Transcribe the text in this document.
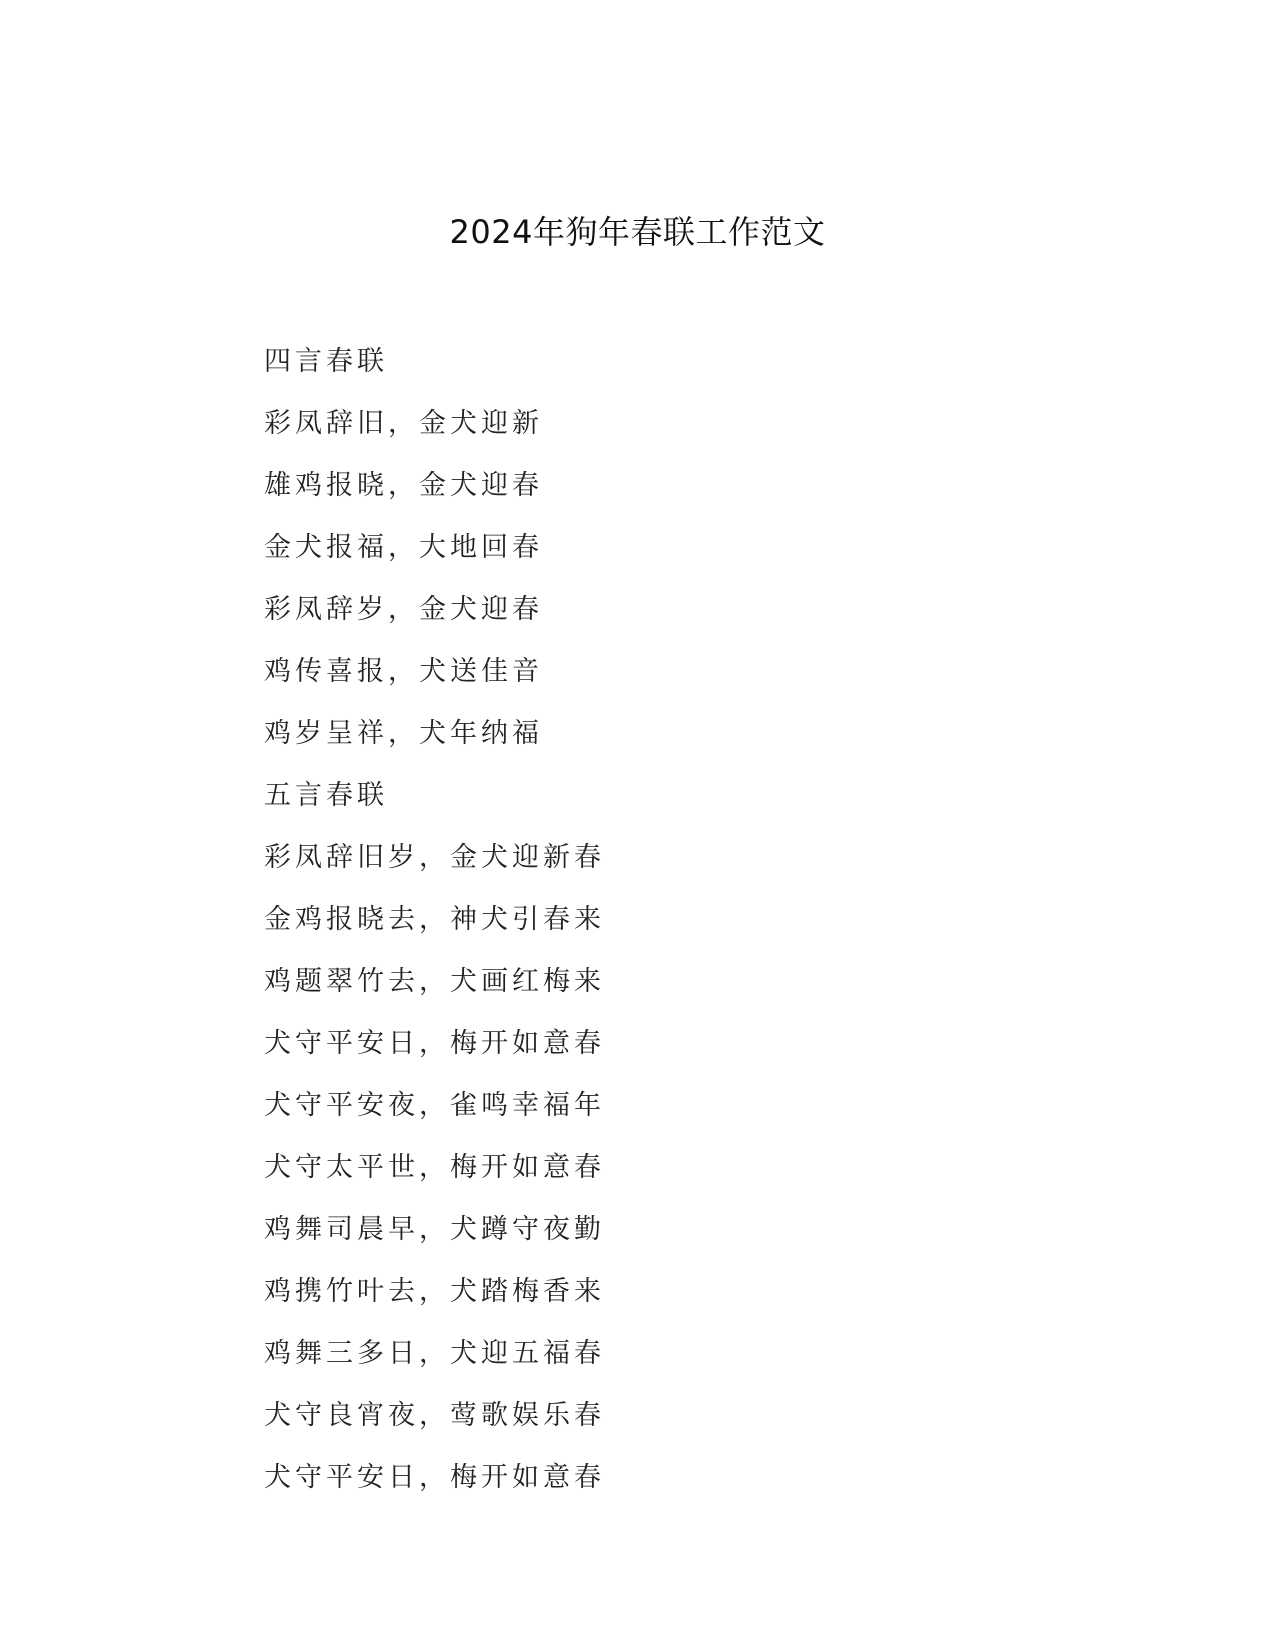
2024年狗年春联工作范文
四言春联
彩凤辞旧，金犬迎新
雄鸡报晓，金犬迎春
金犬报福，大地回春
彩凤辞岁，金犬迎春
鸡传喜报，犬送佳音
鸡岁呈祥，犬年纳福
五言春联
彩凤辞旧岁，金犬迎新春
金鸡报晓去，神犬引春来
鸡题翠竹去，犬画红梅来
犬守平安日，梅开如意春
犬守平安夜，雀鸣幸福年
犬守太平世，梅开如意春
鸡舞司晨早，犬蹲守夜勤
鸡携竹叶去，犬踏梅香来
鸡舞三多日，犬迎五福春
犬守良宵夜，莺歌娱乐春
犬守平安日，梅开如意春
